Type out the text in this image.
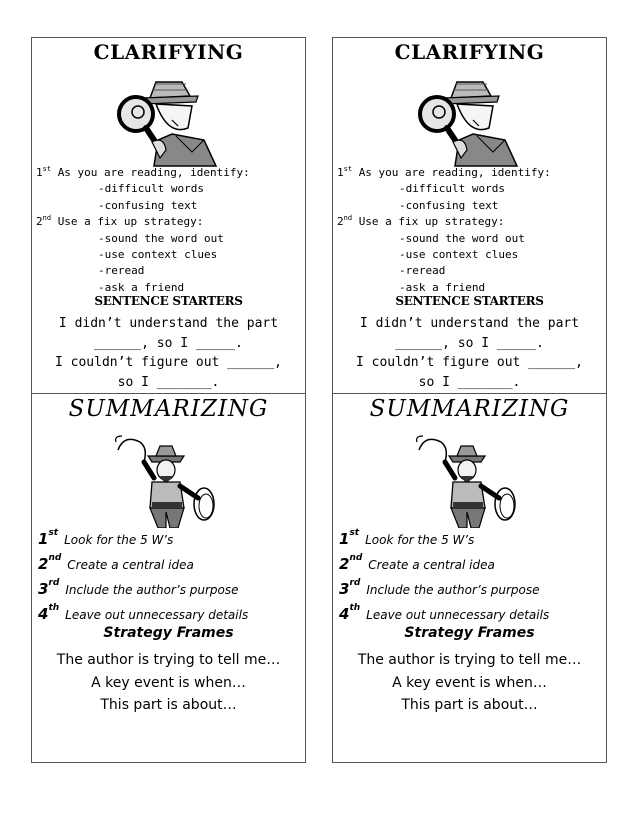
CLARIFYING
1st As you are reading, identify:
-difficult words
-confusing text
2nd Use a fix up strategy:
-sound the word out
-use context clues
-reread
-ask a friend
SENTENCE STARTERS
I didn’t understand the part
______, so I _____.
I couldn’t figure out ______,
so I _______.
CLARIFYING
1st As you are reading, identify:
-difficult words
-confusing text
2nd Use a fix up strategy:
-sound the word out
-use context clues
-reread
-ask a friend
SENTENCE STARTERS
I didn’t understand the part
______, so I _____.
I couldn’t figure out ______,
so I _______.
SUMMARIZING
1st Look for the 5 W’s
2nd Create a central idea
3rd Include the author’s purpose
4th Leave out unnecessary details
Strategy Frames
The author is trying to tell me…
A key event is when…
This part is about…
SUMMARIZING
1st Look for the 5 W’s
2nd Create a central idea
3rd Include the author’s purpose
4th Leave out unnecessary details
Strategy Frames
The author is trying to tell me…
A key event is when…
This part is about…
